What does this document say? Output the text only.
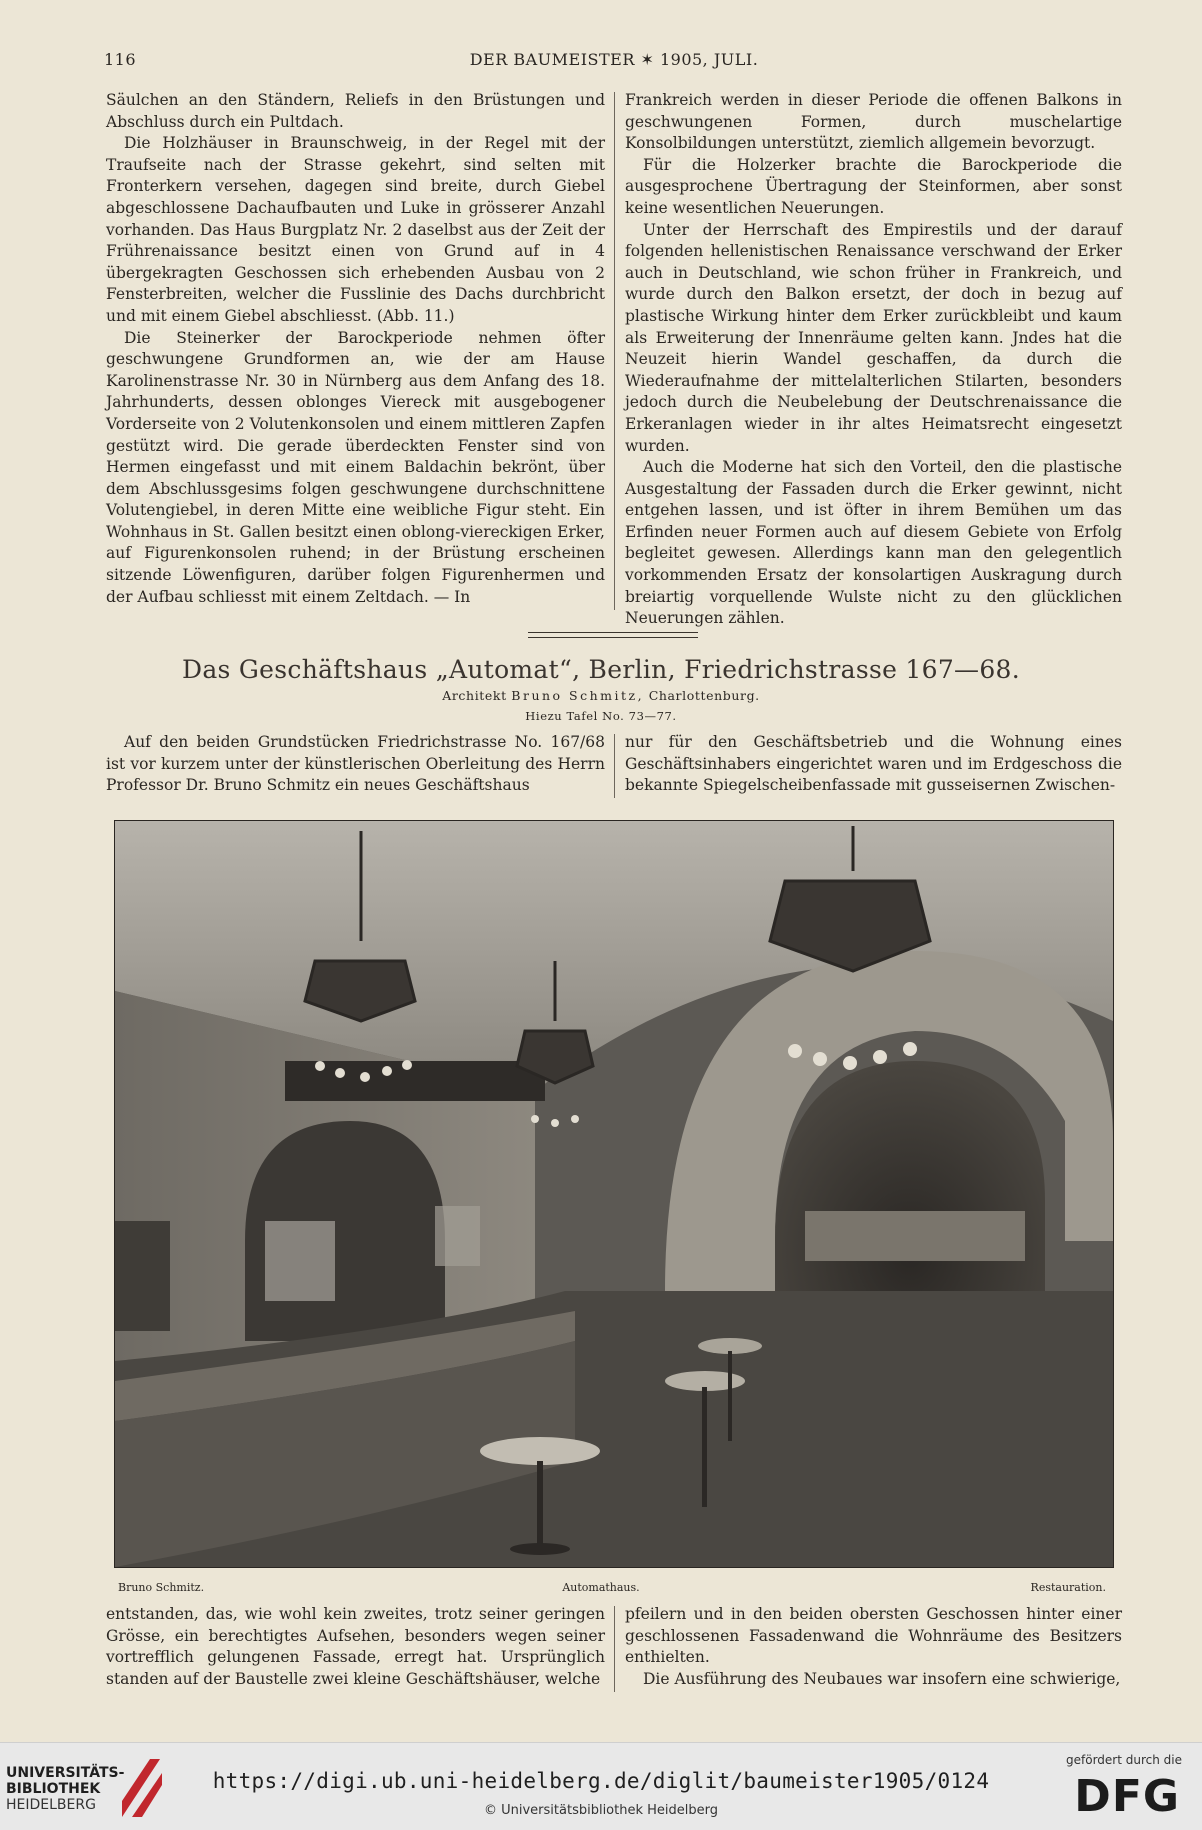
116	DER BAUMEISTER ✶ 1905, JULI.

Säulchen an den Ständern, Reliefs in den Brüstungen und Abschluss durch ein Pultdach.

Die Holzhäuser in Braunschweig, in der Regel mit der Traufseite nach der Strasse gekehrt, sind selten mit Fronterkern versehen, dagegen sind breite, durch Giebel abgeschlossene Dachaufbauten und Luke in grösserer Anzahl vorhanden. Das Haus Burgplatz Nr. 2 daselbst aus der Zeit der Frührenaissance besitzt einen von Grund auf in 4 übergekragten Geschossen sich erhebenden Ausbau von 2 Fensterbreiten, welcher die Fusslinie des Dachs durchbricht und mit einem Giebel abschliesst. (Abb. 11.)

Die Steinerker der Barockperiode nehmen öfter geschwungene Grundformen an, wie der am Hause Karolinenstrasse Nr. 30 in Nürnberg aus dem Anfang des 18. Jahrhunderts, dessen oblonges Viereck mit ausgebogener Vorderseite von 2 Volutenkonsolen und einem mittleren Zapfen gestützt wird. Die gerade überdeckten Fenster sind von Hermen eingefasst und mit einem Baldachin bekrönt, über dem Abschlussgesims folgen geschwungene durchschnittene Volutengiebel, in deren Mitte eine weibliche Figur steht. Ein Wohnhaus in St. Gallen besitzt einen oblong-viereckigen Erker, auf Figurenkonsolen ruhend; in der Brüstung erscheinen sitzende Löwenfiguren, darüber folgen Figurenhermen und der Aufbau schliesst mit einem Zeltdach. — In

Frankreich werden in dieser Periode die offenen Balkons in geschwungenen Formen, durch muschelartige Konsolbildungen unterstützt, ziemlich allgemein bevorzugt.

Für die Holzerker brachte die Barockperiode die ausgesprochene Übertragung der Steinformen, aber sonst keine wesentlichen Neuerungen.

Unter der Herrschaft des Empirestils und der darauf folgenden hellenistischen Renaissance verschwand der Erker auch in Deutschland, wie schon früher in Frankreich, und wurde durch den Balkon ersetzt, der doch in bezug auf plastische Wirkung hinter dem Erker zurückbleibt und kaum als Erweiterung der Innenräume gelten kann. Jndes hat die Neuzeit hierin Wandel geschaffen, da durch die Wiederaufnahme der mittelalterlichen Stilarten, besonders jedoch durch die Neubelebung der Deutschrenaissance die Erkeranlagen wieder in ihr altes Heimatsrecht eingesetzt wurden.

Auch die Moderne hat sich den Vorteil, den die plastische Ausgestaltung der Fassaden durch die Erker gewinnt, nicht entgehen lassen, und ist öfter in ihrem Bemühen um das Erfinden neuer Formen auch auf diesem Gebiete von Erfolg begleitet gewesen. Allerdings kann man den gelegentlich vorkommenden Ersatz der konsolartigen Auskragung durch breiartig vorquellende Wulste nicht zu den glücklichen Neuerungen zählen.

Das Geschäftshaus „Automat“, Berlin, Friedrichstrasse 167—68.
Architekt Bruno Schmitz, Charlottenburg.
Hiezu Tafel No. 73—77.

Auf den beiden Grundstücken Friedrichstrasse No. 167/68 ist vor kurzem unter der künstlerischen Oberleitung des Herrn Professor Dr. Bruno Schmitz ein neues Geschäftshaus

nur für den Geschäftsbetrieb und die Wohnung eines Geschäftsinhabers eingerichtet waren und im Erdgeschoss die bekannte Spiegelscheibenfassade mit gusseisernen Zwischen-

Bruno Schmitz.	Automathaus.	Restauration.

entstanden, das, wie wohl kein zweites, trotz seiner geringen Grösse, ein berechtigtes Aufsehen, besonders wegen seiner vortrefflich gelungenen Fassade, erregt hat. Ursprünglich standen auf der Baustelle zwei kleine Geschäftshäuser, welche

pfeilern und in den beiden obersten Geschossen hinter einer geschlossenen Fassadenwand die Wohnräume des Besitzers enthielten.

Die Ausführung des Neubaues war insofern eine schwierige,

UNIVERSITÄTS-
BIBLIOTHEK
HEIDELBERG
https://digi.ub.uni-heidelberg.de/diglit/baumeister1905/0124
© Universitätsbibliothek Heidelberg
gefördert durch die
DFG
